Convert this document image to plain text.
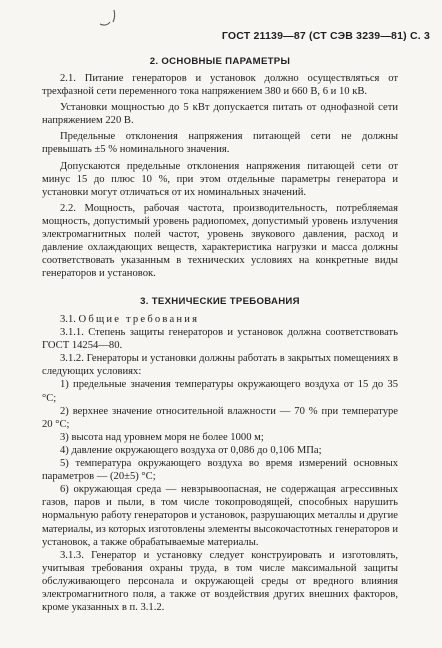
ГОСТ 21139—87 (СТ СЭВ 3239—81) С. 3
2. ОСНОВНЫЕ ПАРАМЕТРЫ

2.1. Питание генераторов и установок должно осуществляться от трехфазной сети переменного тока напряжением 380 и 660 В, 6 и 10 кВ.

Установки мощностью до 5 кВт допускается питать от однофазной сети напряжением 220 В.

Предельные отклонения напряжения питающей сети не должны превышать ±5 % номинального значения.

Допускаются предельные отклонения напряжения питающей сети от минус 15 до плюс 10 %, при этом отдельные параметры генератора и установки могут отличаться от их номинальных значений.

2.2. Мощность, рабочая частота, производительность, потребляемая мощность, допустимый уровень радиопомех, допустимый уровень излучения электромагнитных полей частот, уровень звукового давления, расход и давление охлаждающих веществ, характеристика нагрузки и масса должны соответствовать указанным в технических условиях на конкретные виды генераторов и установок.

3. ТЕХНИЧЕСКИЕ ТРЕБОВАНИЯ

3.1. Общие требования

3.1.1. Степень защиты генераторов и установок должна соответствовать ГОСТ 14254—80.

3.1.2. Генераторы и установки должны работать в закрытых помещениях в следующих условиях:

1) предельные значения температуры окружающего воздуха от 15 до 35 °С;

2) верхнее значение относительной влажности — 70 % при температуре 20 °С;

3) высота над уровнем моря не более 1000 м;

4) давление окружающего воздуха от 0,086 до 0,106 МПа;

5) температура окружающего воздуха во время измерений основных параметров — (20±5) °С;

6) окружающая среда — невзрывоопасная, не содержащая агрессивных газов, паров и пыли, в том числе токопроводящей, способных нарушить нормальную работу генераторов и установок, разрушающих металлы и другие материалы, из которых изготовлены элементы высокочастотных генераторов и установок, а также обрабатываемые материалы.

3.1.3. Генератор и установку следует конструировать и изготовлять, учитывая требования охраны труда, в том числе максимальной защиты обслуживающего персонала и окружающей среды от вредного влияния электромагнитного поля, а также от воздействия других внешних факторов, кроме указанных в п. 3.1.2.
